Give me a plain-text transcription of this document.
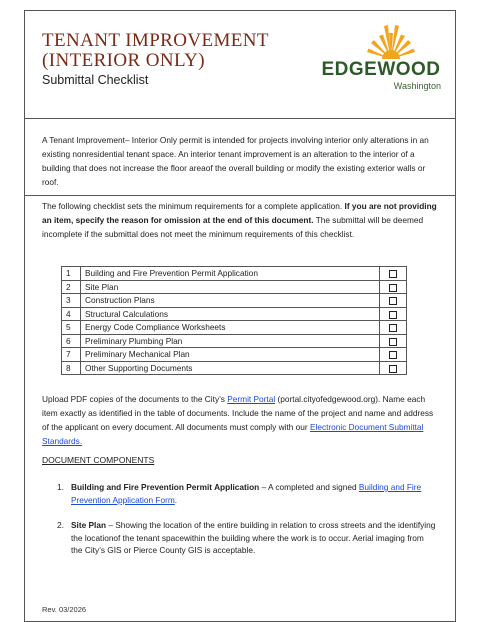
TENANT IMPROVEMENT
(INTERIOR ONLY)
Submittal Checklist	EDGEWOOD
Washington
A Tenant Improvement– Interior Only permit is intended for projects involving interior only alterations in an existing nonresidential tenant space. An interior tenant improvement is an alteration to the interior of a building that does not increase the floor areaof the overall building or modify the existing exterior walls or roof.
The following checklist sets the minimum requirements for a complete application. If you are not providing an item, specify the reason for omission at the end of this document. The submittal will be deemed incomplete if the submittal does not meet the minimum requirements of this checklist.
1	Building and Fire Prevention Permit Application	
2	Site Plan	
3	Construction Plans	
4	Structural Calculations	
5	Energy Code Compliance Worksheets	
6	Preliminary Plumbing Plan	
7	Preliminary Mechanical Plan	
8	Other Supporting Documents	
Upload PDF copies of the documents to the City’s Permit Portal (portal.cityofedgewood.org). Name each item exactly as identified in the table of documents. Include the name of the project and name and address of the applicant on every document. All documents must comply with our Electronic Document Submittal Standards.
DOCUMENT COMPONENTS
1. Building and Fire Prevention Permit Application – A completed and signed Building and Fire Prevention Application Form.
2. Site Plan – Showing the location of the entire building in relation to cross streets and the identifying the locationof the tenant spacewithin the building where the work is to occur. Aerial imaging from the City’s GIS or Pierce County GIS is acceptable.
Rev. 03/2026
